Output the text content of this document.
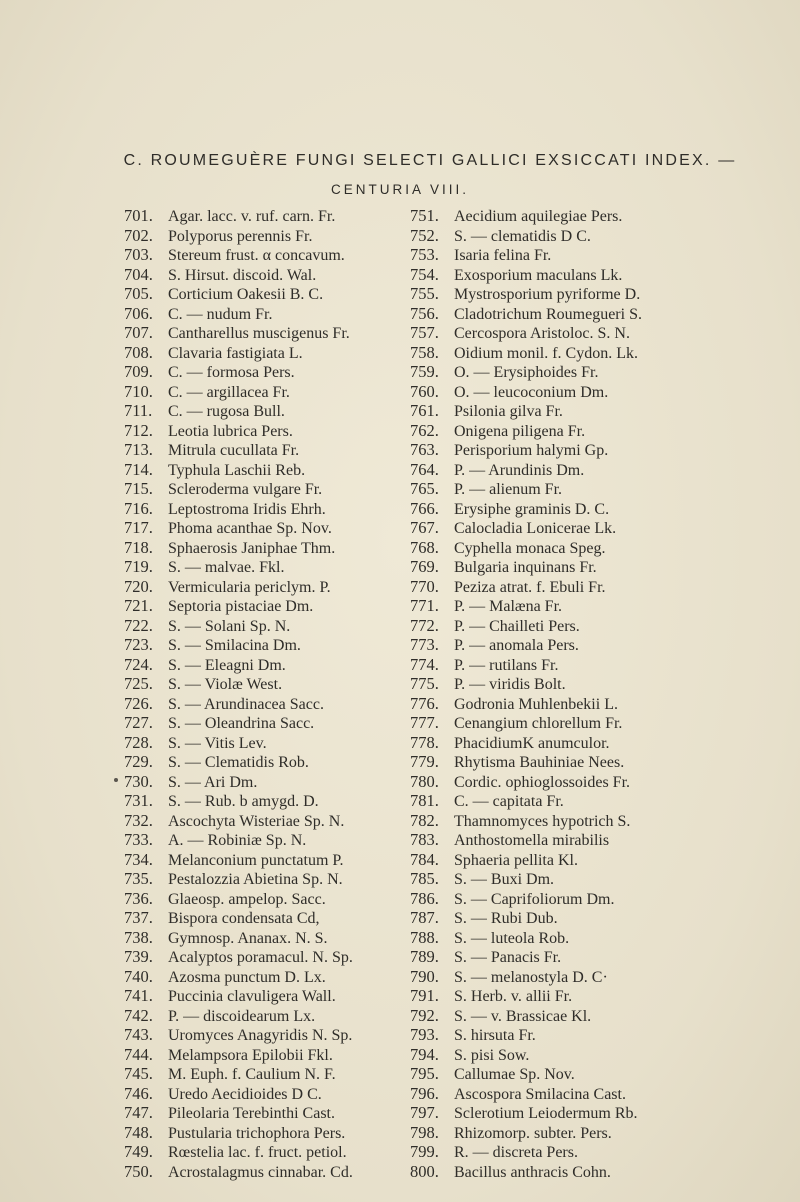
C. ROUMEGUÈRE FUNGI SELECTI GALLICI EXSICCATI INDEX. —
CENTURIA VIII.
701. Agar. lacc. v. ruf. carn. Fr.
702. Polyporus perennis Fr.
703. Stereum frust. α concavum.
704. S. Hirsut. discoid. Wal.
705. Corticium Oakesii B. C.
706. C. — nudum Fr.
707. Cantharellus muscigenus Fr.
708. Clavaria fastigiata L.
709. C. — formosa Pers.
710. C. — argillacea Fr.
711. C. — rugosa Bull.
712. Leotia lubrica Pers.
713. Mitrula cucullata Fr.
714. Typhula Laschii Reb.
715. Scleroderma vulgare Fr.
716. Leptostroma Iridis Ehrh.
717. Phoma acanthae Sp. Nov.
718. Sphaerosis Janiphae Thm.
719. S. — malvae. Fkl.
720. Vermicularia periclym. P.
721. Septoria pistaciae Dm.
722. S. — Solani Sp. N.
723. S. — Smilacina Dm.
724. S. — Eleagni Dm.
725. S. — Violæ West.
726. S. — Arundinacea Sacc.
727. S. — Oleandrina Sacc.
728. S. — Vitis Lev.
729. S. — Clematidis Rob.
730. S. — Ari Dm.
731. S. — Rub. b amygd. D.
732. Ascochyta Wisteriae Sp. N.
733. A. — Robiniæ Sp. N.
734. Melanconium punctatum P.
735. Pestalozzia Abietina Sp. N.
736. Glaeosp. ampelop. Sacc.
737. Bispora condensata Cd,
738. Gymnosp. Ananax. N. S.
739. Acalyptos poramacul. N. Sp.
740. Azosma punctum D. Lx.
741. Puccinia clavuligera Wall.
742. P. — discoidearum Lx.
743. Uromyces Anagyridis N. Sp.
744. Melampsora Epilobii Fkl.
745. M. Euph. f. Caulium N. F.
746. Uredo Aecidioides D C.
747. Pileolaria Terebinthi Cast.
748. Pustularia trichophora Pers.
749. Rœstelia lac. f. fruct. petiol.
750. Acrostalagmus cinnabar. Cd.
751. Aecidium aquilegiae Pers.
752. S. — clematidis D C.
753. Isaria felina Fr.
754. Exosporium maculans Lk.
755. Mystrosporium pyriforme D.
756. Cladotrichum Roumegueri S.
757. Cercospora Aristoloc. S. N.
758. Oidium monil. f. Cydon. Lk.
759. O. — Erysiphoides Fr.
760. O. — leucoconium Dm.
761. Psilonia gilva Fr.
762. Onigena piligena Fr.
763. Perisporium halymi Gp.
764. P. — Arundinis Dm.
765. P. — alienum Fr.
766. Erysiphe graminis D. C.
767. Calocladia Lonicerae Lk.
768. Cyphella monaca Speg.
769. Bulgaria inquinans Fr.
770. Peziza atrat. f. Ebuli Fr.
771. P. — Malæna Fr.
772. P. — Chailleti Pers.
773. P. — anomala Pers.
774. P. — rutilans Fr.
775. P. — viridis Bolt.
776. Godronia Muhlenbekii L.
777. Cenangium chlorellum Fr.
778. PhacidiumK anumculor.
779. Rhytisma Bauhiniae Nees.
780. Cordic. ophioglossoides Fr.
781. C. — capitata Fr.
782. Thamnomyces hypotrich S.
783. Anthostomella mirabilis
784. Sphaeria pellita Kl.
785. S. — Buxi Dm.
786. S. — Caprifoliorum Dm.
787. S. — Rubi Dub.
788. S. — luteola Rob.
789. S. — Panacis Fr.
790. S. — melanostyla D. C·
791. S. Herb. v. allii Fr.
792. S. — v. Brassicae Kl.
793. S. hirsuta Fr.
794. S. pisi Sow.
795. Callumae Sp. Nov.
796. Ascospora Smilacina Cast.
797. Sclerotium Leiodermum Rb.
798. Rhizomorp. subter. Pers.
799. R. — discreta Pers.
800. Bacillus anthracis Cohn.
